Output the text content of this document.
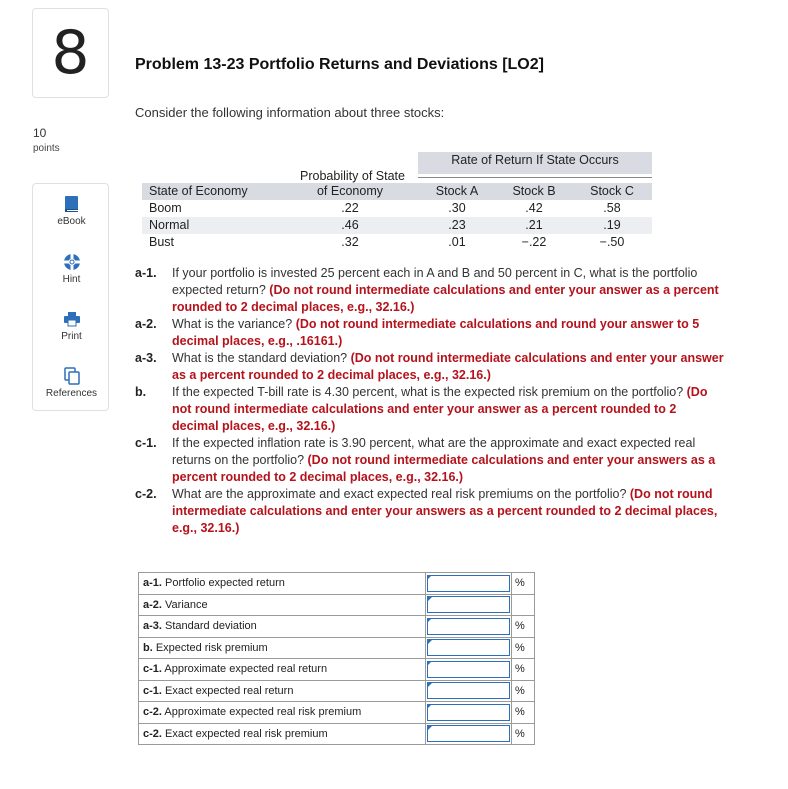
8
10
points
eBook
Hint
Print
References
Problem 13-23 Portfolio Returns and Deviations [LO2]
Consider the following information about three stocks:
Rate of Return If State Occurs
Probability of State
State of Economy	of Economy	Stock A	Stock B	Stock C
Boom	.22	.30	.42	.58
Normal	.46	.23	.21	.19
Bust	.32	.01	−.22	−.50
a-1. If your portfolio is invested 25 percent each in A and B and 50 percent in C, what is the portfolio expected return? (Do not round intermediate calculations and enter your answer as a percent rounded to 2 decimal places, e.g., 32.16.)
a-2. What is the variance? (Do not round intermediate calculations and round your answer to 5 decimal places, e.g., .16161.)
a-3. What is the standard deviation? (Do not round intermediate calculations and enter your answer as a percent rounded to 2 decimal places, e.g., 32.16.)
b. If the expected T-bill rate is 4.30 percent, what is the expected risk premium on the portfolio? (Do not round intermediate calculations and enter your answer as a percent rounded to 2 decimal places, e.g., 32.16.)
c-1. If the expected inflation rate is 3.90 percent, what are the approximate and exact expected real returns on the portfolio? (Do not round intermediate calculations and enter your answers as a percent rounded to 2 decimal places, e.g., 32.16.)
c-2. What are the approximate and exact expected real risk premiums on the portfolio? (Do not round intermediate calculations and enter your answers as a percent rounded to 2 decimal places, e.g., 32.16.)
a-1. Portfolio expected return		%
a-2. Variance	

a-3. Standard deviation		%
b. Expected risk premium		%
c-1. Approximate expected real return		%
c-1. Exact expected real return		%
c-2. Approximate expected real risk premium		%
c-2. Exact expected real risk premium		%
